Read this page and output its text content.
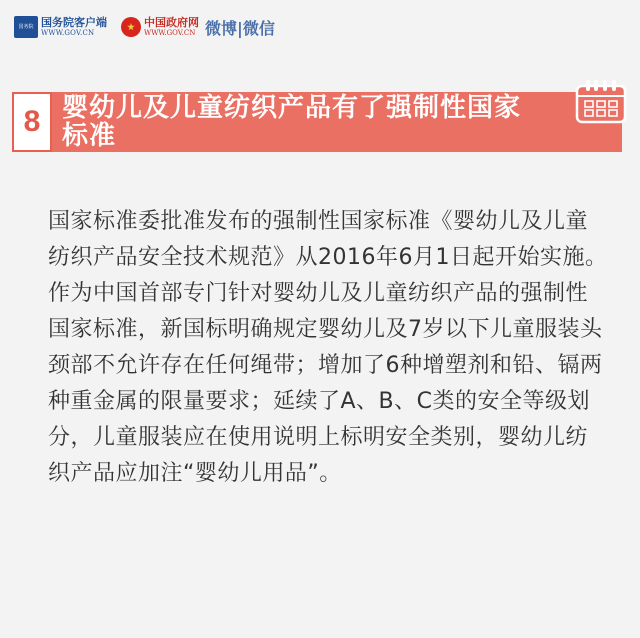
国务院 国务院客户端
WWW.GOV.CN
中国政府网
WWW.GOV.CN 微博|微信
8 婴幼儿及儿童纺织产品有了强制性国家标准
国家标准委批准发布的强制性国家标准《婴幼儿及儿童纺织产品安全技术规范》从2016年6月1日起开始实施。作为中国首部专门针对婴幼儿及儿童纺织产品的强制性国家标准，新国标明确规定婴幼儿及7岁以下儿童服装头颈部不允许存在任何绳带；增加了6种增塑剂和铅、镉两种重金属的限量要求；延续了A、B、C类的安全等级划分，儿童服装应在使用说明上标明安全类别，婴幼儿纺织产品应加注“婴幼儿用品”。
